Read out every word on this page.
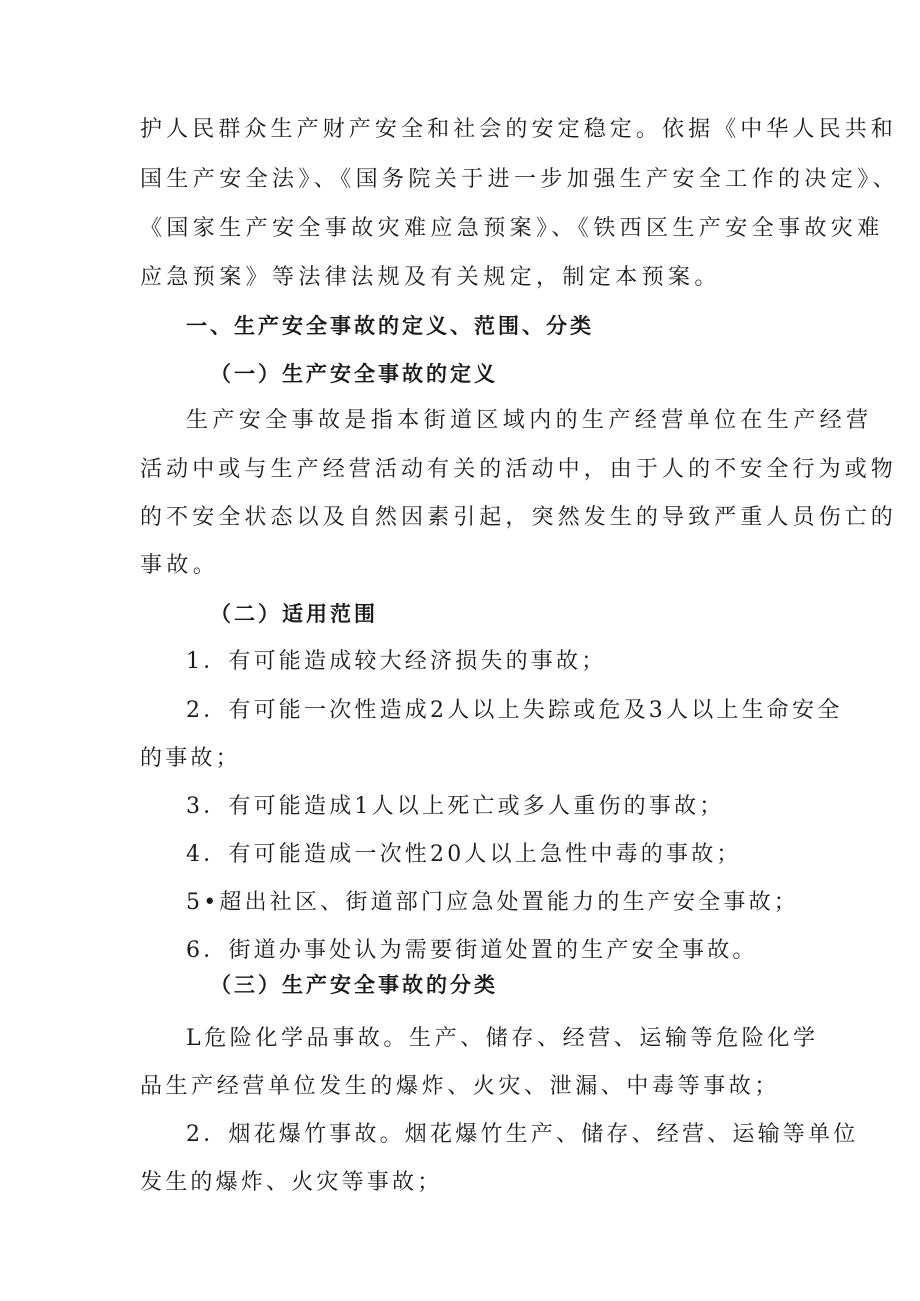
护人民群众生产财产安全和社会的安定稳定。依据《中华人民共和
国生产安全法》、《国务院关于进一步加强生产安全工作的决定》、
《国家生产安全事故灾难应急预案》、《铁西区生产安全事故灾难
应急预案》等法律法规及有关规定，制定本预案。
一、生产安全事故的定义、范围、分类
（一）生产安全事故的定义
生产安全事故是指本街道区域内的生产经营单位在生产经营
活动中或与生产经营活动有关的活动中，由于人的不安全行为或物
的不安全状态以及自然因素引起，突然发生的导致严重人员伤亡的
事故。
（二）适用范围
1．有可能造成较大经济损失的事故；
2．有可能一次性造成2人以上失踪或危及3人以上生命安全
的事故；
3．有可能造成1人以上死亡或多人重伤的事故；
4．有可能造成一次性20人以上急性中毒的事故；
5•超出社区、街道部门应急处置能力的生产安全事故；
6．街道办事处认为需要街道处置的生产安全事故。
（三）生产安全事故的分类
L危险化学品事故。生产、储存、经营、运输等危险化学
品生产经营单位发生的爆炸、火灾、泄漏、中毒等事故；
2．烟花爆竹事故。烟花爆竹生产、储存、经营、运输等单位
发生的爆炸、火灾等事故；
